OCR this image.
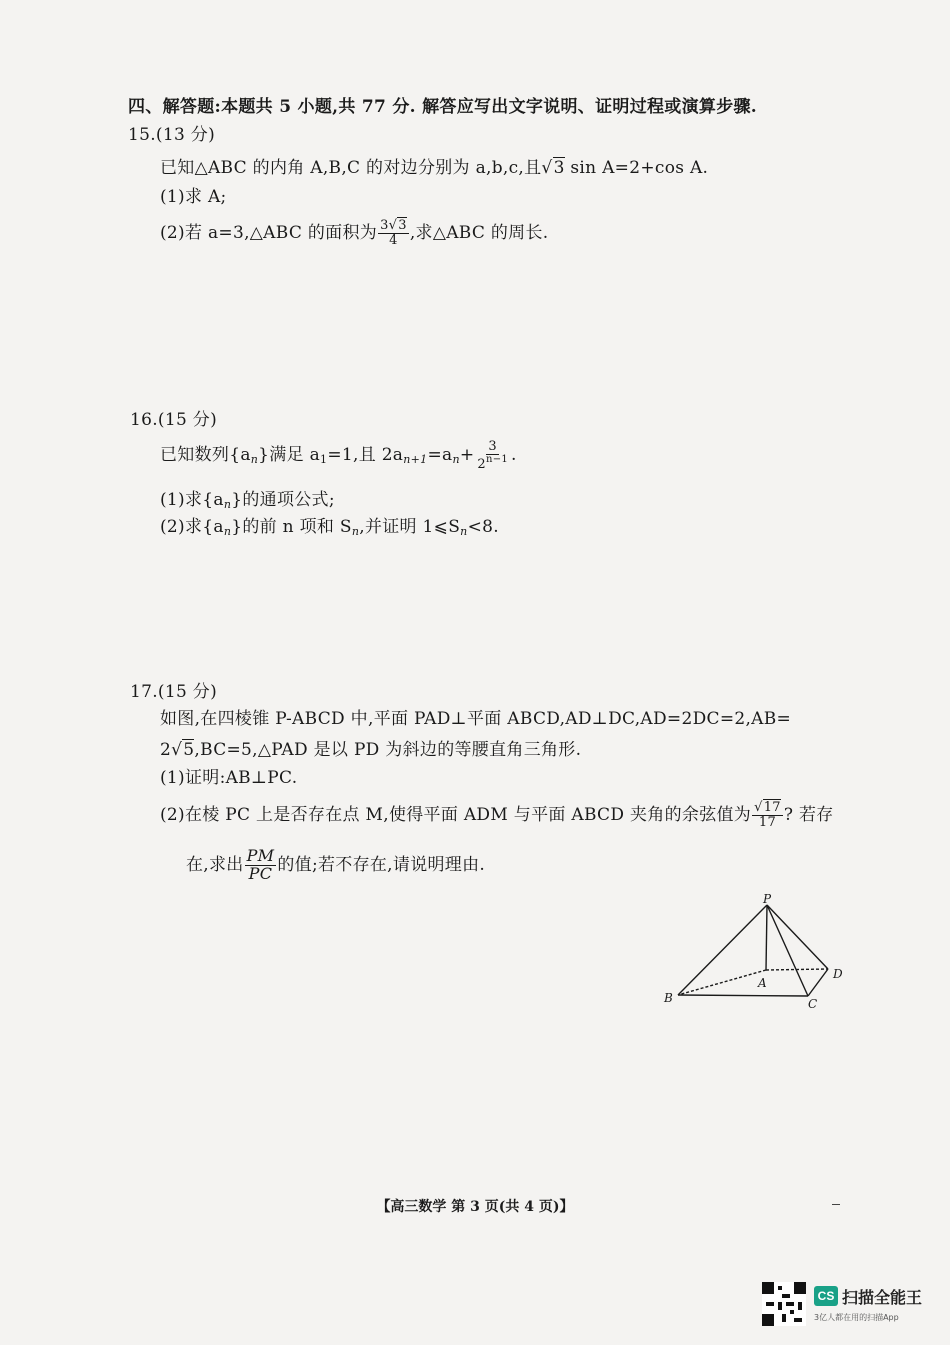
四、解答题:本题共 5 小题,共 77 分. 解答应写出文字说明、证明过程或演算步骤.
15.(13 分)
已知△ABC 的内角 A,B,C 的对边分别为 a,b,c,且√3 sin A=2+cos A.
(1)求 A;
(2)若 a=3,△ABC 的面积为 $\frac{3√3}{4}$ ,求△ABC 的周长.
16.(15 分)
已知数列$\{a_n\}$满足 $a_1=1$,且 $2a_{n+1}=a_n+ \frac{3}{2^{n-1}}$ .
(1)求$\{a_n\}$的通项公式;
(2)求$\{a_n\}$的前 n 项和 $S_n$,并证明 $1⩽S_n<8$.
17.(15 分)
如图,在四棱锥 P-ABCD 中,平面 PAD⊥平面 ABCD,AD⊥DC,AD=2DC=2,AB=
2√5,BC=5,△PAD 是以 PD 为斜边的等腰直角三角形.
(1)证明:AB⊥PC.
(2)在棱 PC 上是否存在点 M,使得平面 ADM 与平面 ABCD 夹角的余弦值为 $\frac{√17}{17}$ ? 若存
在,求出 $\frac{PM}{PC}$ 的值;若不存在,请说明理由.
P
A
B	C
D
【高三数学 第 3 页(共 4 页)】
CS 扫描全能王
3亿人都在用的扫描App
